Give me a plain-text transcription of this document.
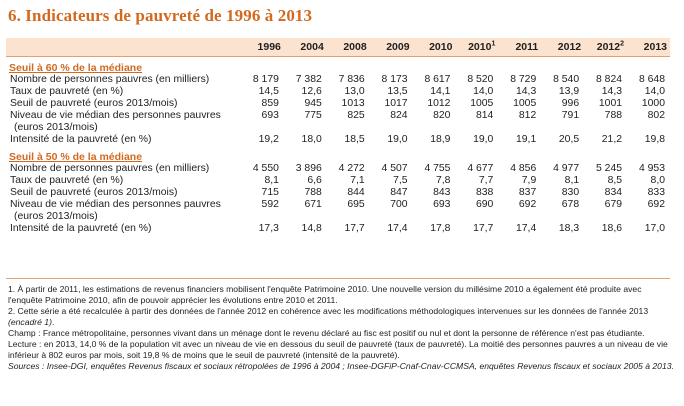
6. Indicateurs de pauvreté de 1996 à 2013
	1996	2004	2008	2009	2010	2010$^1$	2011	2012	2012$^2$	2013

Seuil à 60 % de la médiane										
Nombre de personnes pauvres (en milliers)	8 179	7 382	7 836	8 173	8 617	8 520	8 729	8 540	8 824	8 648
Taux de pauvreté (en %)	14,5	12,6	13,0	13,5	14,1	14,0	14,3	13,9	14,3	14,0
Seuil de pauvreté (euros 2013/mois)	859	945	1013	1017	1012	1005	1005	996	1001	1000
Niveau de vie médian des personnes pauvres
(euros 2013/mois)	693	775	825	824	820	814	812	791	788	802
Intensité de la pauvreté (en %)	19,2	18,0	18,5	19,0	18,9	19,0	19,1	20,5	21,2	19,8

Seuil à 50 % de la médiane										
Nombre de personnes pauvres (en milliers)	4 550	3 896	4 272	4 507	4 755	4 677	4 856	4 977	5 245	4 953
Taux de pauvreté (en %)	8,1	6,6	7,1	7,5	7,8	7,7	7,9	8,1	8,5	8,0
Seuil de pauvreté (euros 2013/mois)	715	788	844	847	843	838	837	830	834	833
Niveau de vie médian des personnes pauvres
(euros 2013/mois)	592	671	695	700	693	690	692	678	679	692
Intensité de la pauvreté (en %)	17,3	14,8	17,7	17,4	17,8	17,7	17,4	18,3	18,6	17,0

1. À partir de 2011, les estimations de revenus financiers mobilisent l'enquête Patrimoine 2010. Une nouvelle version du millésime 2010 a également été produite avec l'enquête Patrimoine 2010, afin de pouvoir apprécier les évolutions entre 2010 et 2011.

2. Cette série a été recalculée à partir des données de l'année 2012 en cohérence avec les modifications méthodologiques intervenues sur les données de l'année 2013 (encadré 1).

Champ : France métropolitaine, personnes vivant dans un ménage dont le revenu déclaré au fisc est positif ou nul et dont la personne de référence n'est pas étudiante.

Lecture : en 2013, 14,0 % de la population vit avec un niveau de vie en dessous du seuil de pauvreté (taux de pauvreté). La moitié des personnes pauvres a un niveau de vie inférieur à 802 euros par mois, soit 19,8 % de moins que le seuil de pauvreté (intensité de la pauvreté).

Sources : Insee-DGI, enquêtes Revenus fiscaux et sociaux rétropolées de 1996 à 2004 ; Insee-DGFiP-Cnaf-Cnav-CCMSA, enquêtes Revenus fiscaux et sociaux 2005 à 2013.
